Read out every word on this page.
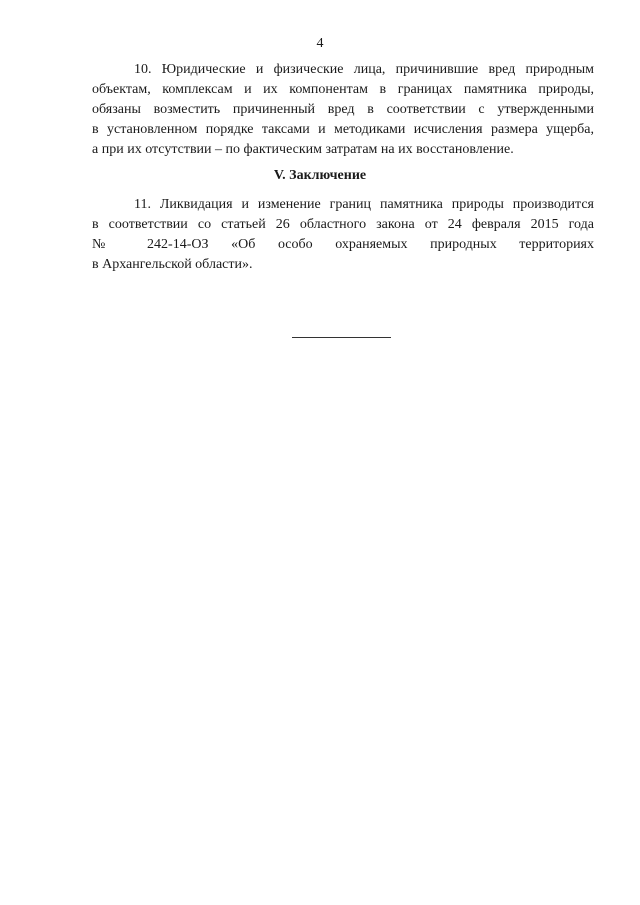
4
10. Юридические и физические лица, причинившие вред природным
объектам, комплексам и их компонентам в границах памятника природы,
обязаны возместить причиненный вред в соответствии с утвержденными
в установленном порядке таксами и методиками исчисления размера ущерба,
а при их отсутствии – по фактическим затратам на их восстановление.
V. Заключение
11. Ликвидация и изменение границ памятника природы производится
в соответствии со статьей 26 областного закона от 24 февраля 2015 года
№ 242-14-ОЗ «Об особо охраняемых природных территориях
в Архангельской области».
